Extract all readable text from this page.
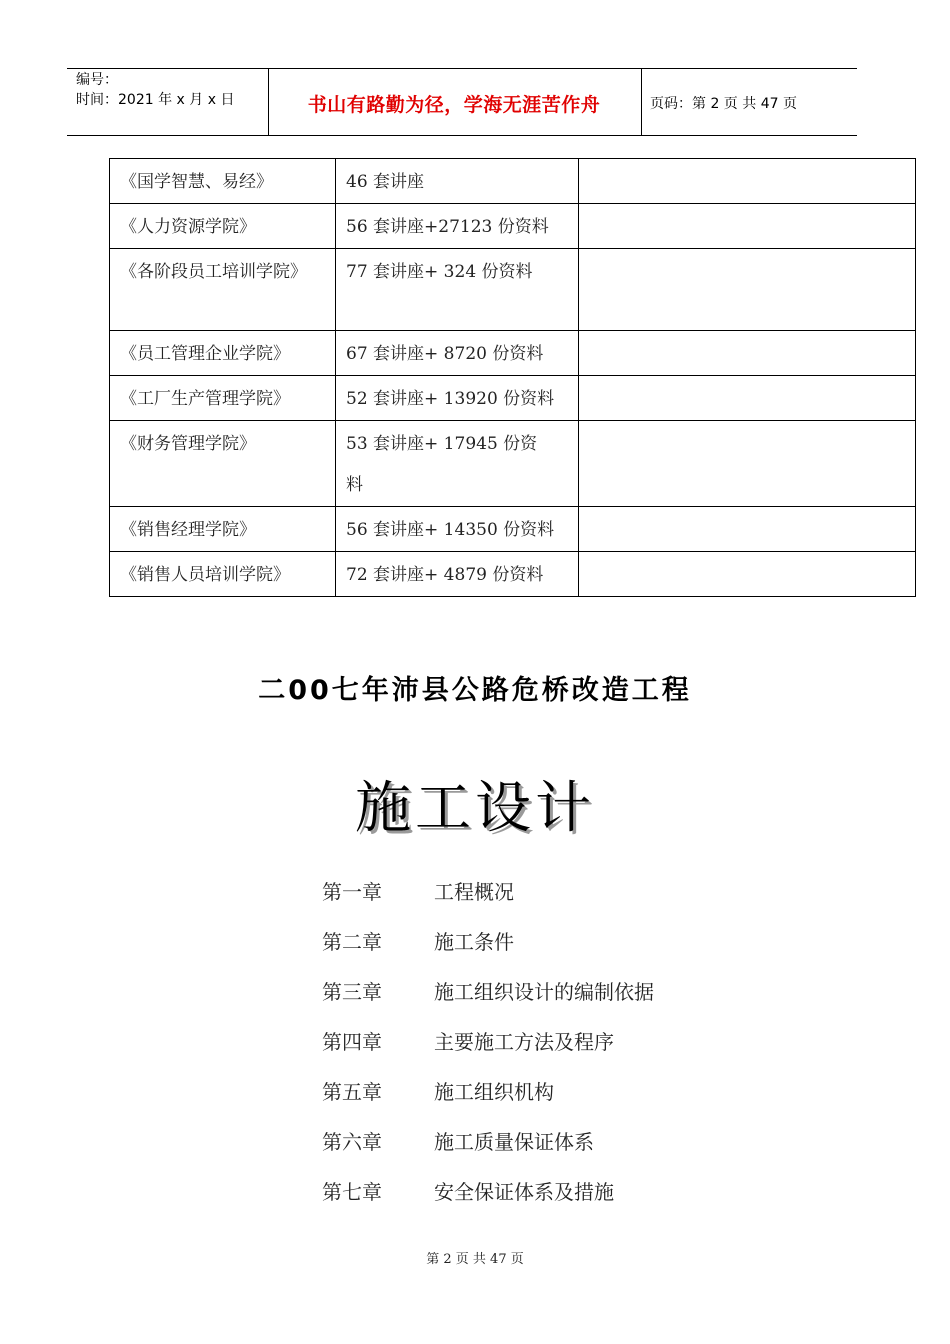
编号：
时间：2021 年 x 月 x 日	书山有路勤为径，学海无涯苦作舟	页码：第 2 页 共 47 页
《国学智慧、易经》	46 套讲座	
《人力资源学院》	56 套讲座+27123 份资料	
《各阶段员工培训学院》	77 套讲座+ 324 份资料	
《员工管理企业学院》	67 套讲座+ 8720 份资料	
《工厂生产管理学院》	52 套讲座+ 13920 份资料	
《财务管理学院》	53 套讲座+ 17945 份资料	
《销售经理学院》	56 套讲座+ 14350 份资料	
《销售人员培训学院》	72 套讲座+ 4879 份资料	
二00七年沛县公路危桥改造工程
施工设计
第一章	工程概况
第二章	施工条件
第三章	施工组织设计的编制依据
第四章	主要施工方法及程序
第五章	施工组织机构
第六章	施工质量保证体系
第七章	安全保证体系及措施
第 2 页 共 47 页
